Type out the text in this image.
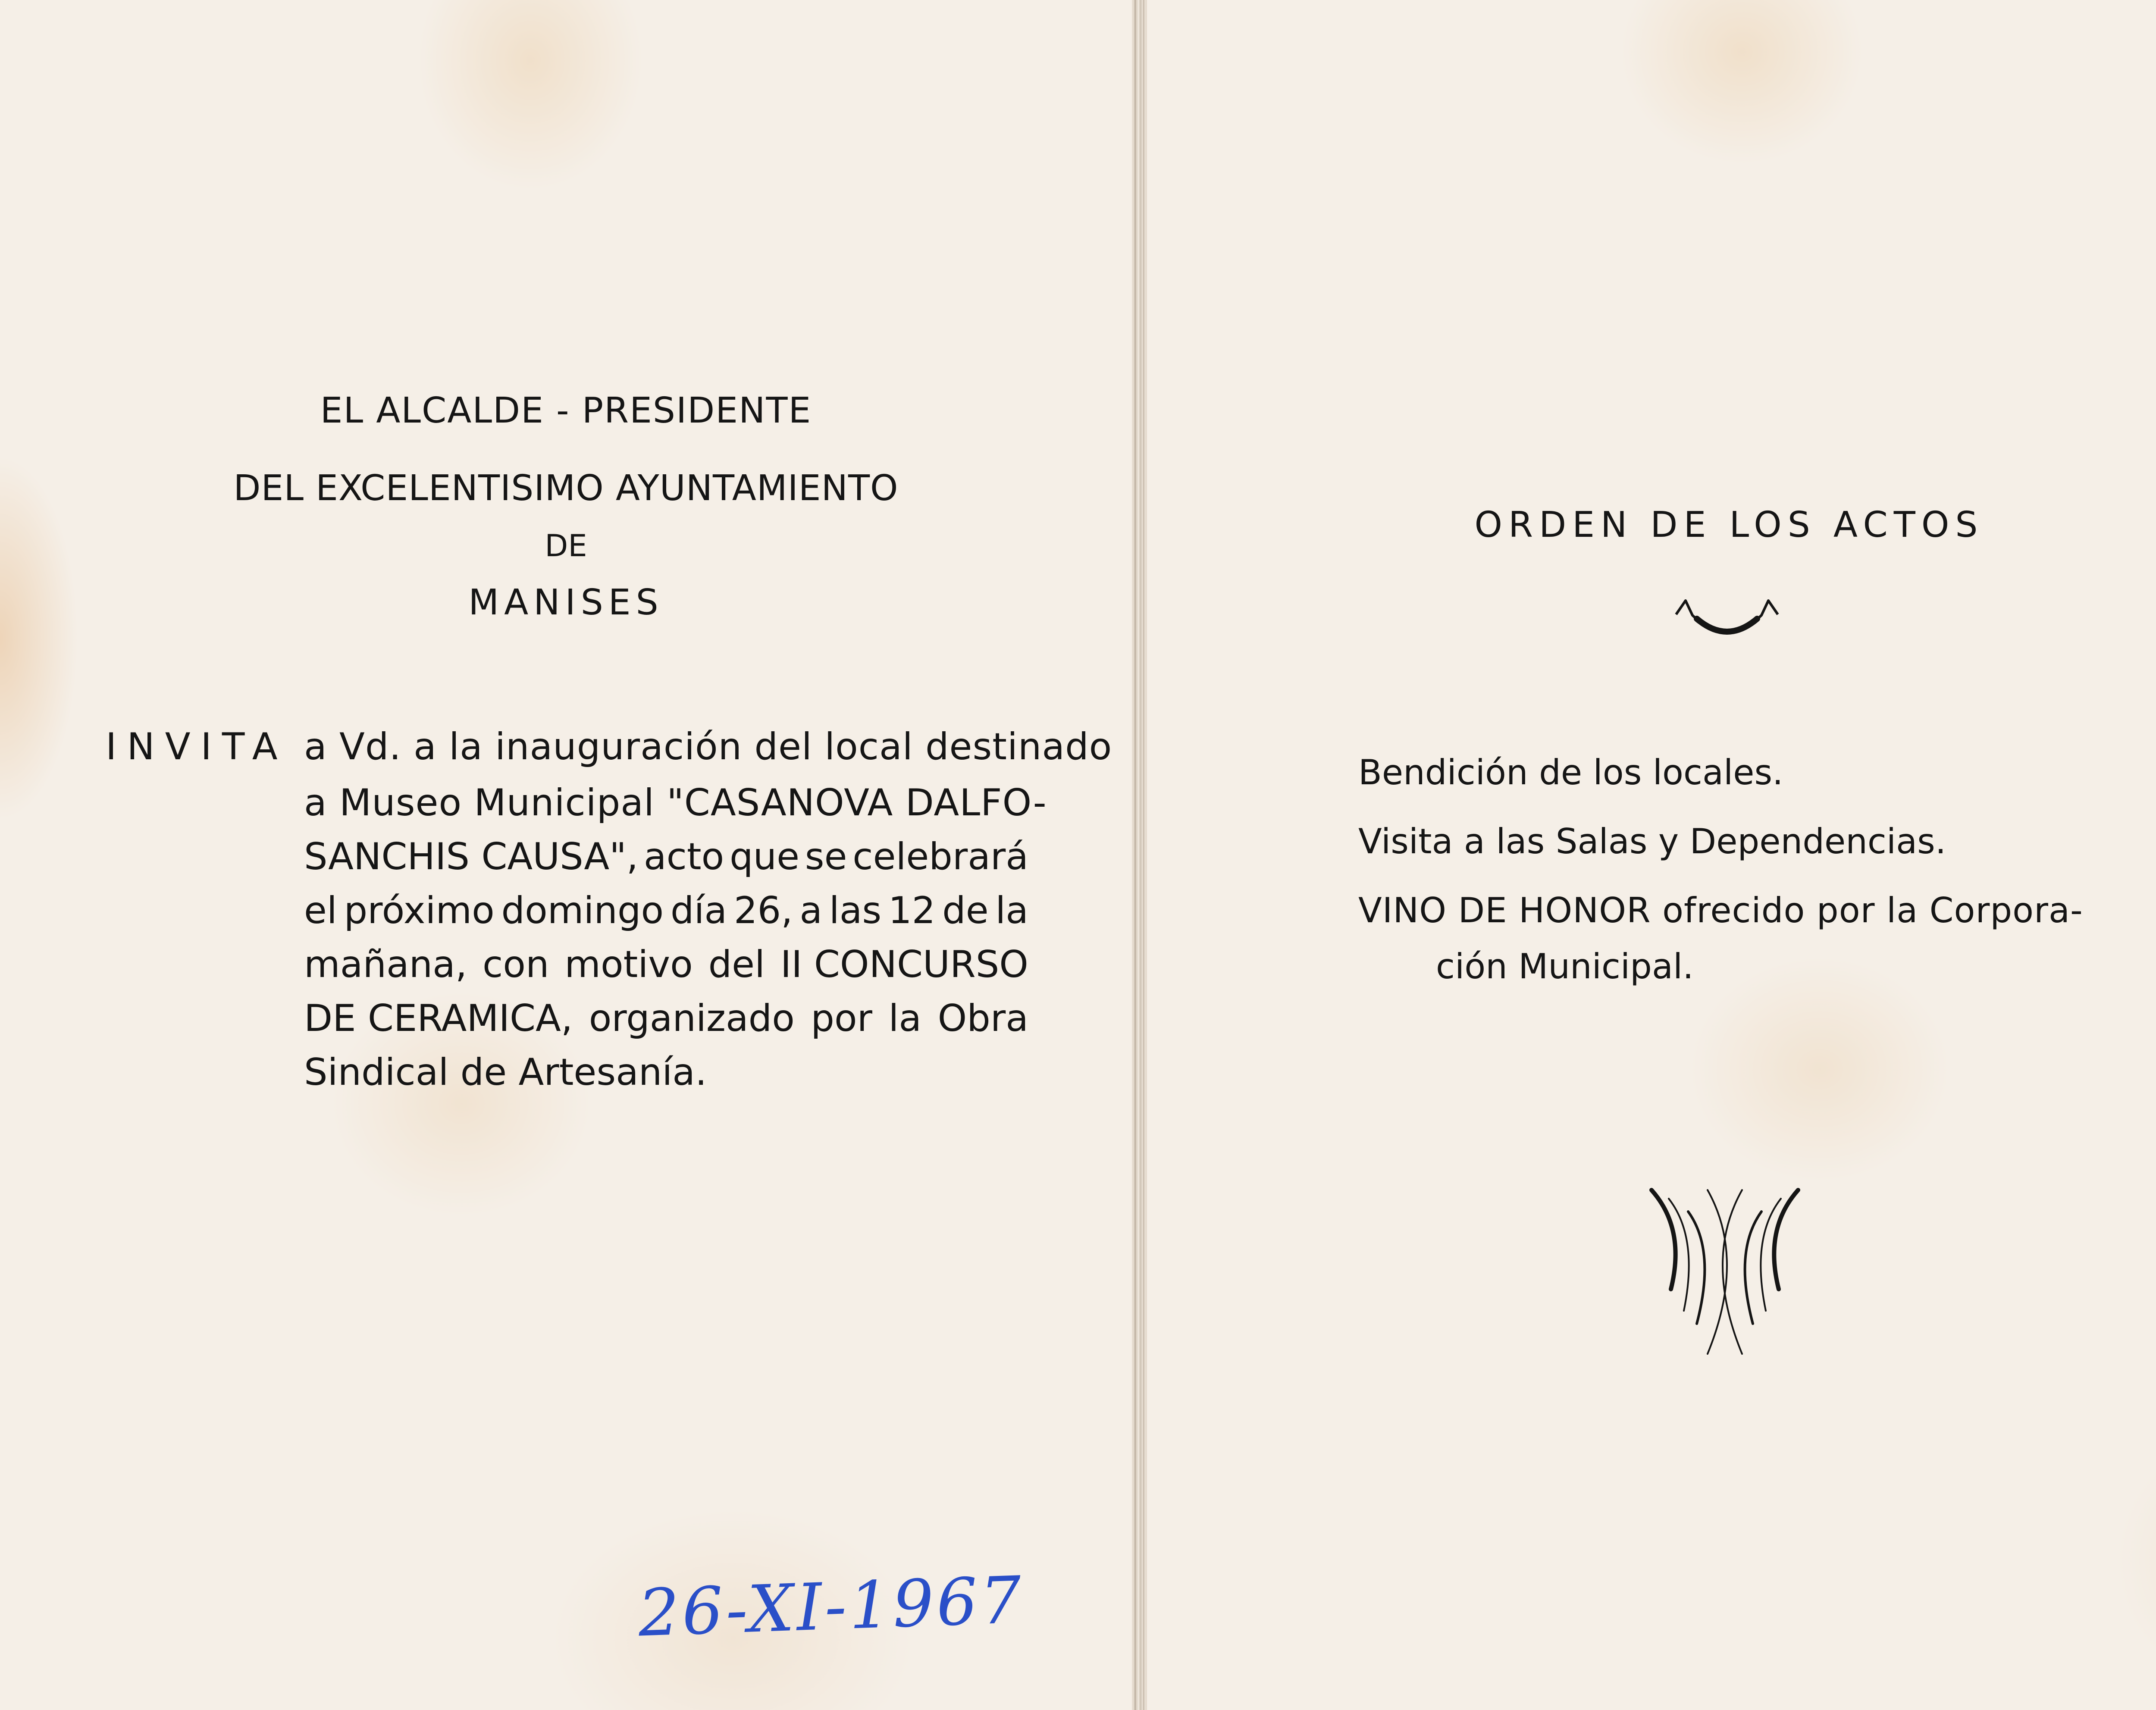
EL ALCALDE - PRESIDENTE
DEL EXCELENTISIMO AYUNTAMIENTO
DE
MANISES
INVITA a Vd. a la inauguración del local destinado
a Museo Municipal "CASANOVA DALFO-
SANCHIS CAUSA", acto que se celebrará
el próximo domingo día 26, a las 12 de la
mañana, con motivo del II CONCURSO
DE CERAMICA, organizado por la Obra
Sindical de Artesanía.
26-XI-1967
ORDEN DE LOS ACTOS
Bendición de los locales.
Visita a las Salas y Dependencias.
VINO DE HONOR ofrecido por la Corpora-
ción Municipal.
